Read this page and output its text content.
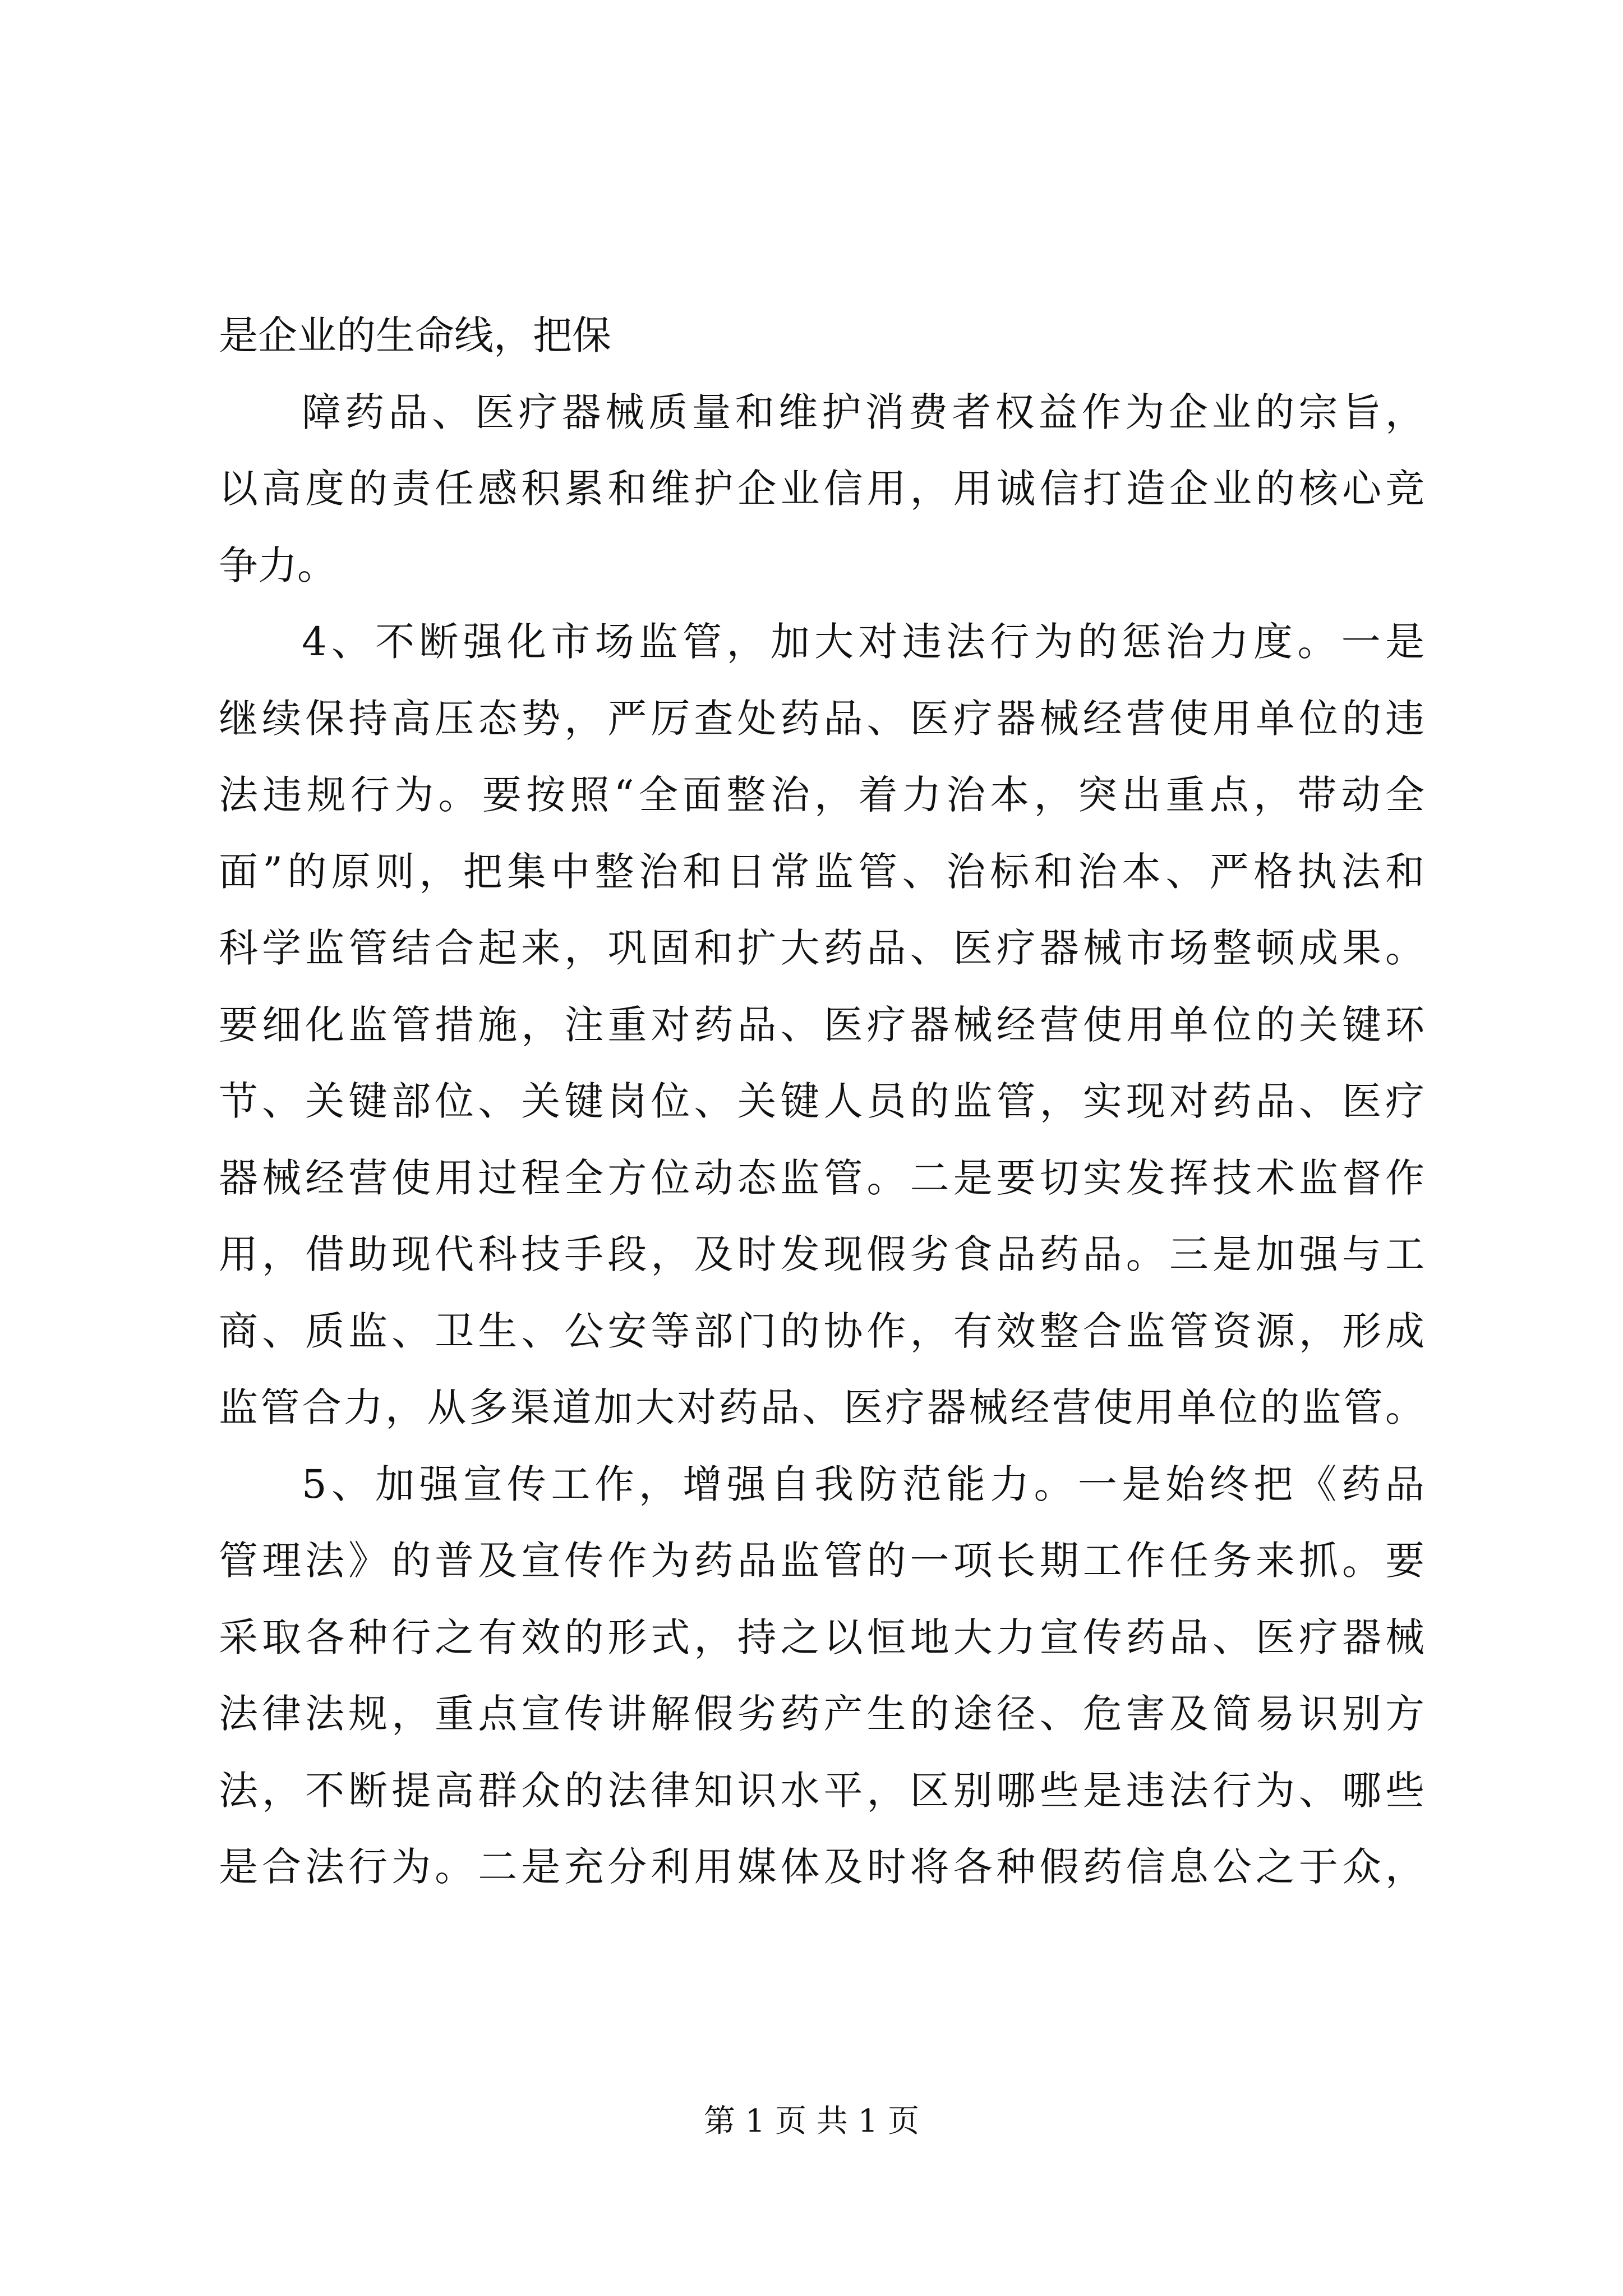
是企业的生命线，把保
障药品、医疗器械质量和维护消费者权益作为企业的宗旨，
以高度的责任感积累和维护企业信用，用诚信打造企业的核心竞
争力。
4、不断强化市场监管，加大对违法行为的惩治力度。一是
继续保持高压态势，严厉查处药品、医疗器械经营使用单位的违
法违规行为。要按照“全面整治，着力治本，突出重点，带动全
面”的原则，把集中整治和日常监管、治标和治本、严格执法和
科学监管结合起来，巩固和扩大药品、医疗器械市场整顿成果。
要细化监管措施，注重对药品、医疗器械经营使用单位的关键环
节、关键部位、关键岗位、关键人员的监管，实现对药品、医疗
器械经营使用过程全方位动态监管。二是要切实发挥技术监督作
用，借助现代科技手段，及时发现假劣食品药品。三是加强与工
商、质监、卫生、公安等部门的协作，有效整合监管资源，形成
监管合力，从多渠道加大对药品、医疗器械经营使用单位的监管。
5、加强宣传工作，增强自我防范能力。一是始终把《药品
管理法》的普及宣传作为药品监管的一项长期工作任务来抓。要
采取各种行之有效的形式，持之以恒地大力宣传药品、医疗器械
法律法规，重点宣传讲解假劣药产生的途径、危害及简易识别方
法，不断提高群众的法律知识水平，区别哪些是违法行为、哪些
是合法行为。二是充分利用媒体及时将各种假药信息公之于众，
第 1 页 共 1 页
